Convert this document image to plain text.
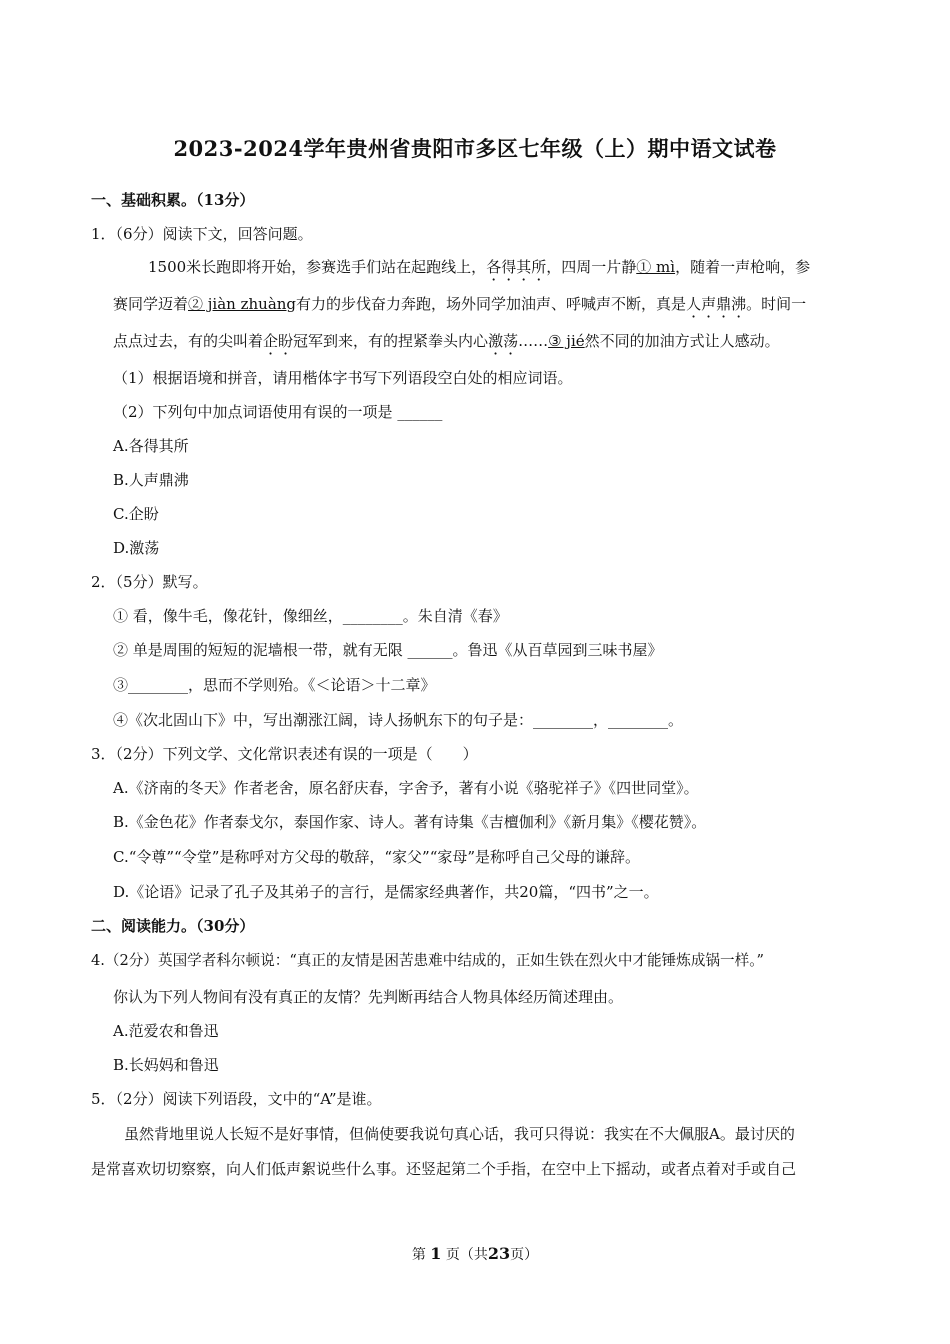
2023-2024学年贵州省贵阳市多区七年级（上）期中语文试卷
一、基础积累。（13分）
1．（6分）阅读下文，回答问题。
1500米长跑即将开始，参赛选手们站在起跑线上，各得其所，四周一片静① mì，随着一声枪响，参
赛同学迈着② jiàn zhuàng有力的步伐奋力奔跑，场外同学加油声、呼喊声不断，真是人声鼎沸。时间一
点点过去，有的尖叫着企盼冠军到来，有的捏紧拳头内心激荡……③ jié然不同的加油方式让人感动。
（1）根据语境和拼音，请用楷体字书写下列语段空白处的相应词语。
（2）下列句中加点词语使用有误的一项是 ______
A.各得其所
B.人声鼎沸
C.企盼
D.激荡
2．（5分）默写。
① 看，像牛毛，像花针，像细丝，________。朱自清《春》
② 单是周围的短短的泥墙根一带，就有无限 ______。鲁迅《从百草园到三味书屋》
③________，思而不学则殆。《＜论语＞十二章》
④《次北固山下》中，写出潮涨江阔，诗人扬帆东下的句子是：________，________。
3．（2分）下列文学、文化常识表述有误的一项是（　　）
A.《济南的冬天》作者老舍，原名舒庆春，字舍予，著有小说《骆驼祥子》《四世同堂》。
B.《金色花》作者泰戈尔，泰国作家、诗人。著有诗集《吉檀伽利》《新月集》《樱花赞》。
C.“令尊”“令堂”是称呼对方父母的敬辞，“家父”“家母”是称呼自己父母的谦辞。
D.《论语》记录了孔子及其弟子的言行，是儒家经典著作，共20篇，“四书”之一。
二、阅读能力。（30分）
4.（2分）英国学者科尔顿说：“真正的友情是困苦患难中结成的，正如生铁在烈火中才能锤炼成锅一样。”
你认为下列人物间有没有真正的友情？先判断再结合人物具体经历简述理由。
A.范爱农和鲁迅
B.长妈妈和鲁迅
5．（2分）阅读下列语段，文中的“A”是谁。
虽然背地里说人长短不是好事情，但倘使要我说句真心话，我可只得说：我实在不大佩服A。最讨厌的
是常喜欢切切察察，向人们低声絮说些什么事。还竖起第二个手指，在空中上下摇动，或者点着对手或自己
第 1 页（共23页）
